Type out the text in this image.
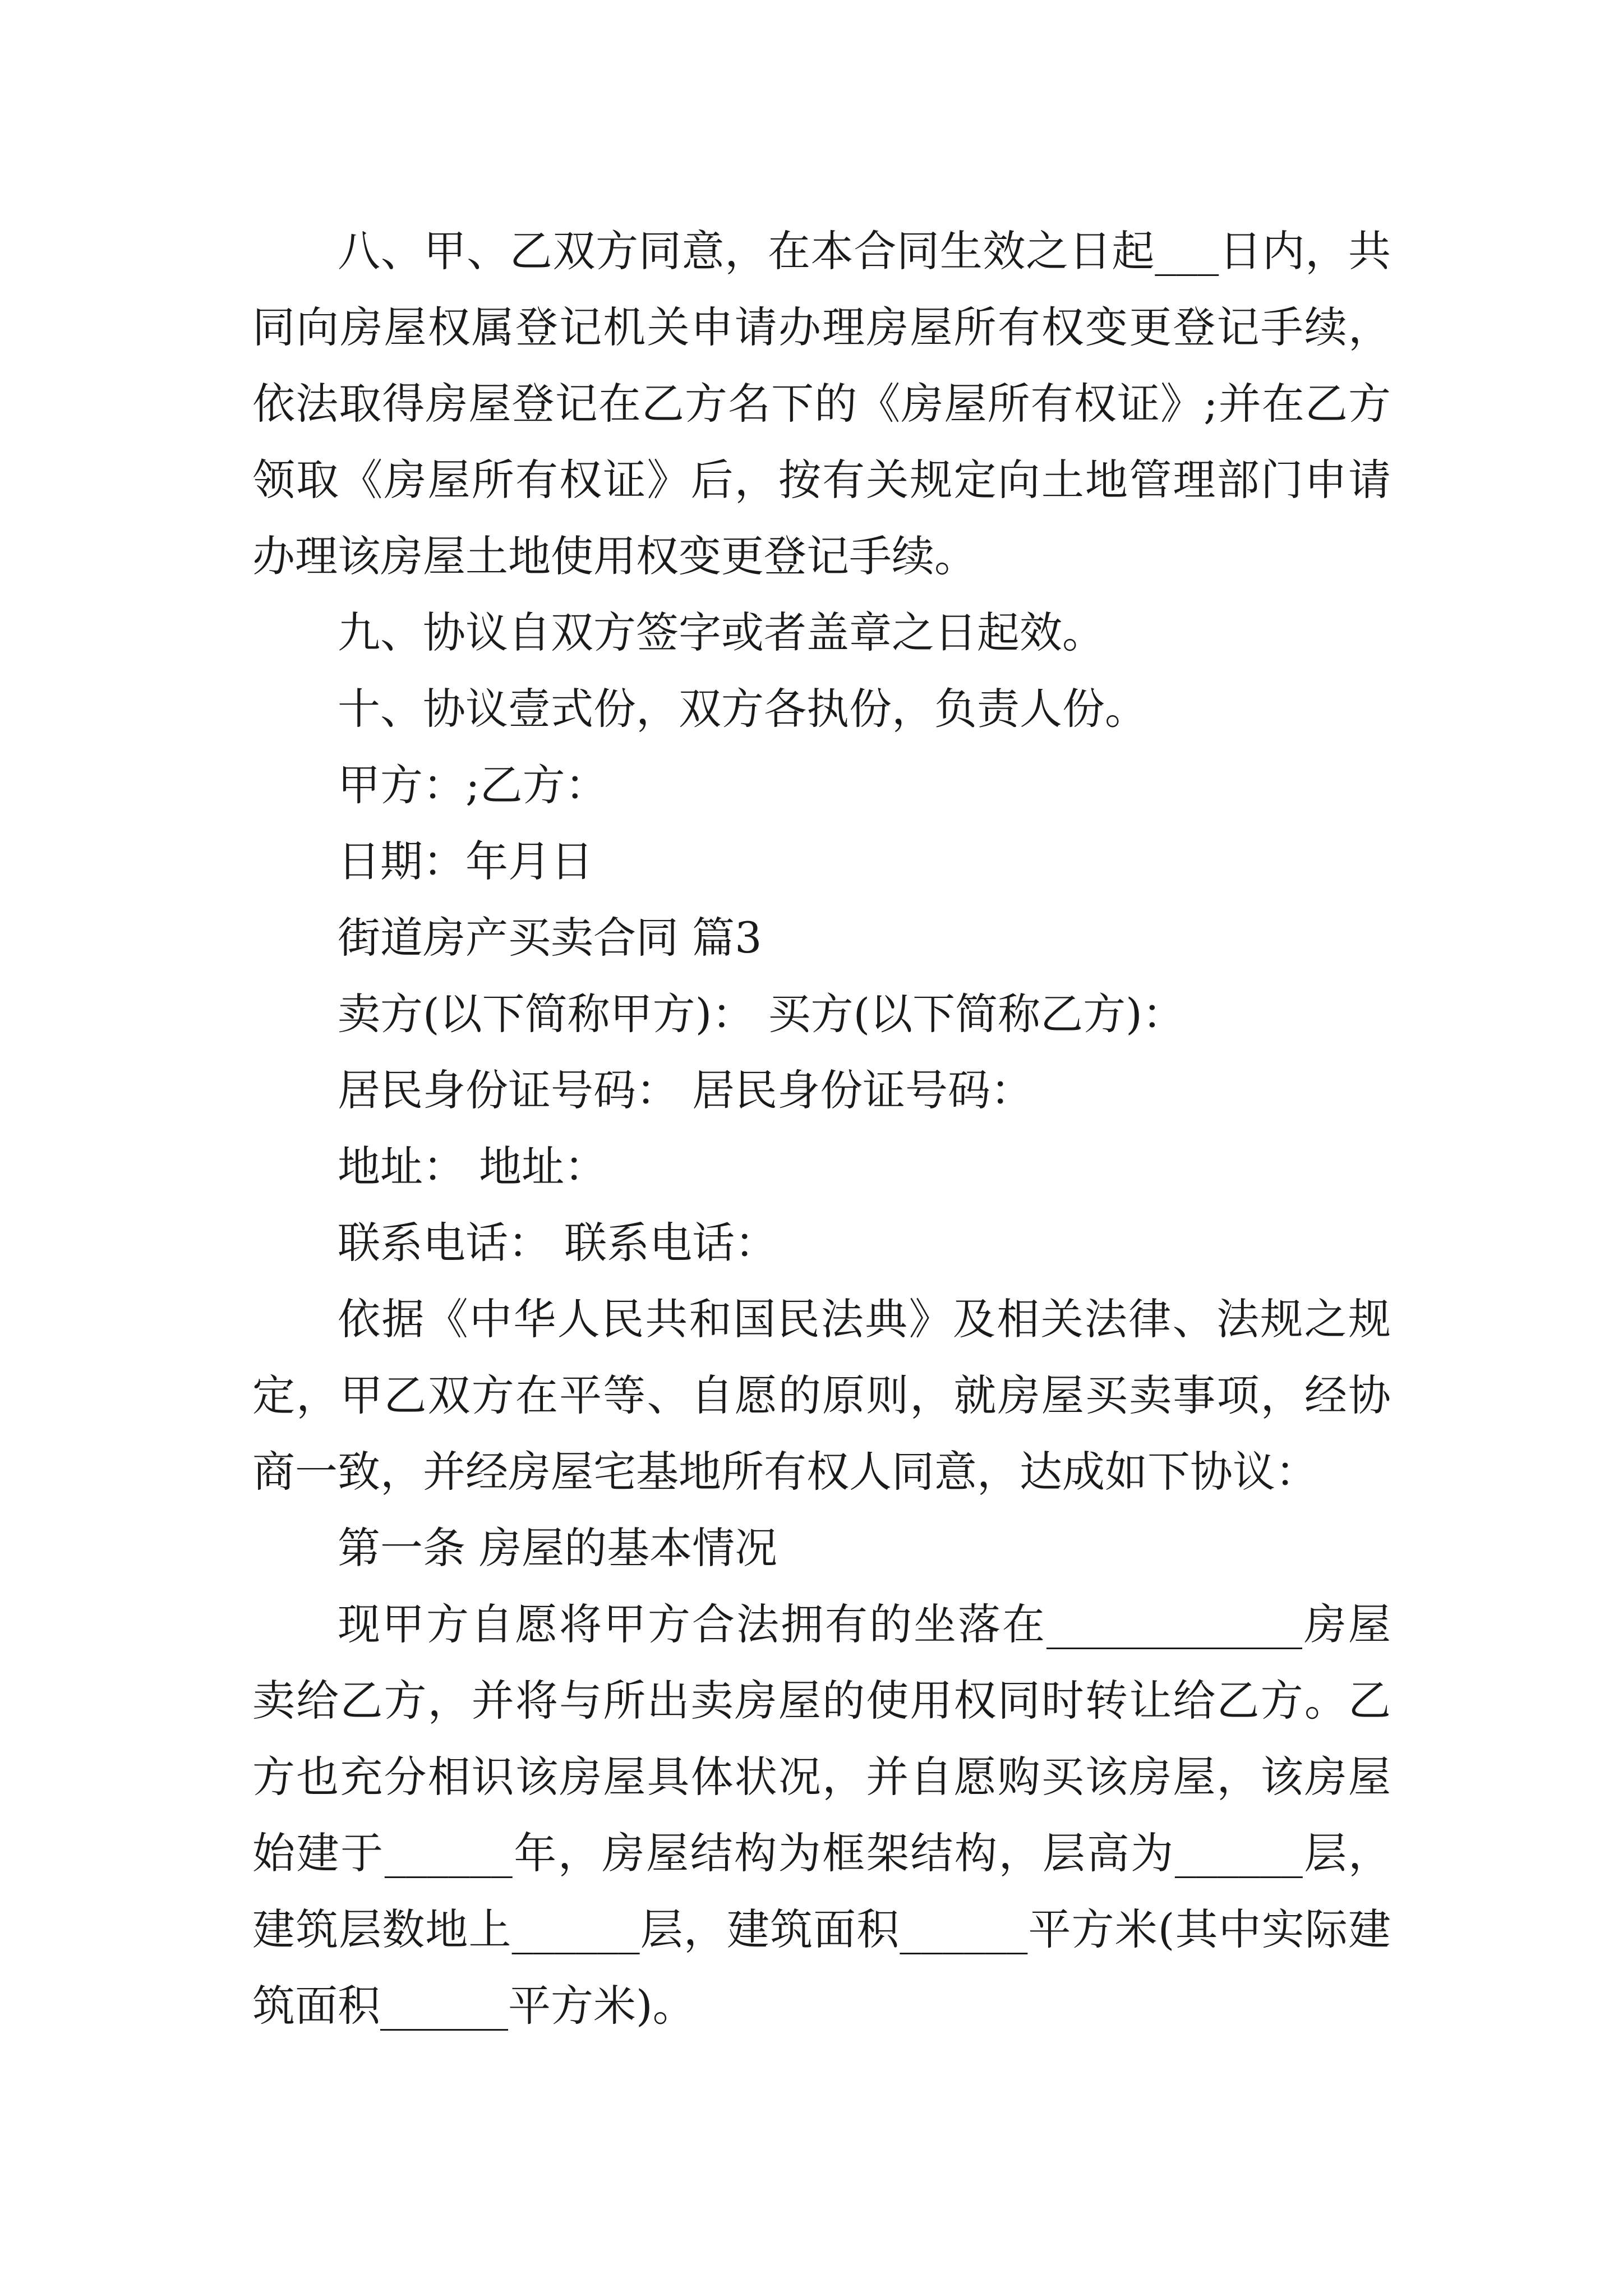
八、甲、乙双方同意，在本合同生效之日起___日内，共同向房屋权属登记机关申请办理房屋所有权变更登记手续，依法取得房屋登记在乙方名下的《房屋所有权证》;并在乙方领取《房屋所有权证》后，按有关规定向土地管理部门申请办理该房屋土地使用权变更登记手续。

九、协议自双方签字或者盖章之日起效。

十、协议壹式份，双方各执份，负责人份。

甲方：;乙方：

日期：年月日

街道房产买卖合同 篇3

卖方(以下简称甲方)： 买方(以下简称乙方)：

居民身份证号码： 居民身份证号码：

地址： 地址：

联系电话： 联系电话：

依据《中华人民共和国民法典》及相关法律、法规之规定，甲乙双方在平等、自愿的原则，就房屋买卖事项，经协商一致，并经房屋宅基地所有权人同意，达成如下协议：

第一条 房屋的基本情况

现甲方自愿将甲方合法拥有的坐落在____________房屋卖给乙方，并将与所出卖房屋的使用权同时转让给乙方。乙方也充分相识该房屋具体状况，并自愿购买该房屋，该房屋始建于______年，房屋结构为框架结构，层高为______层，建筑层数地上______层，建筑面积______平方米(其中实际建筑面积______平方米)。
